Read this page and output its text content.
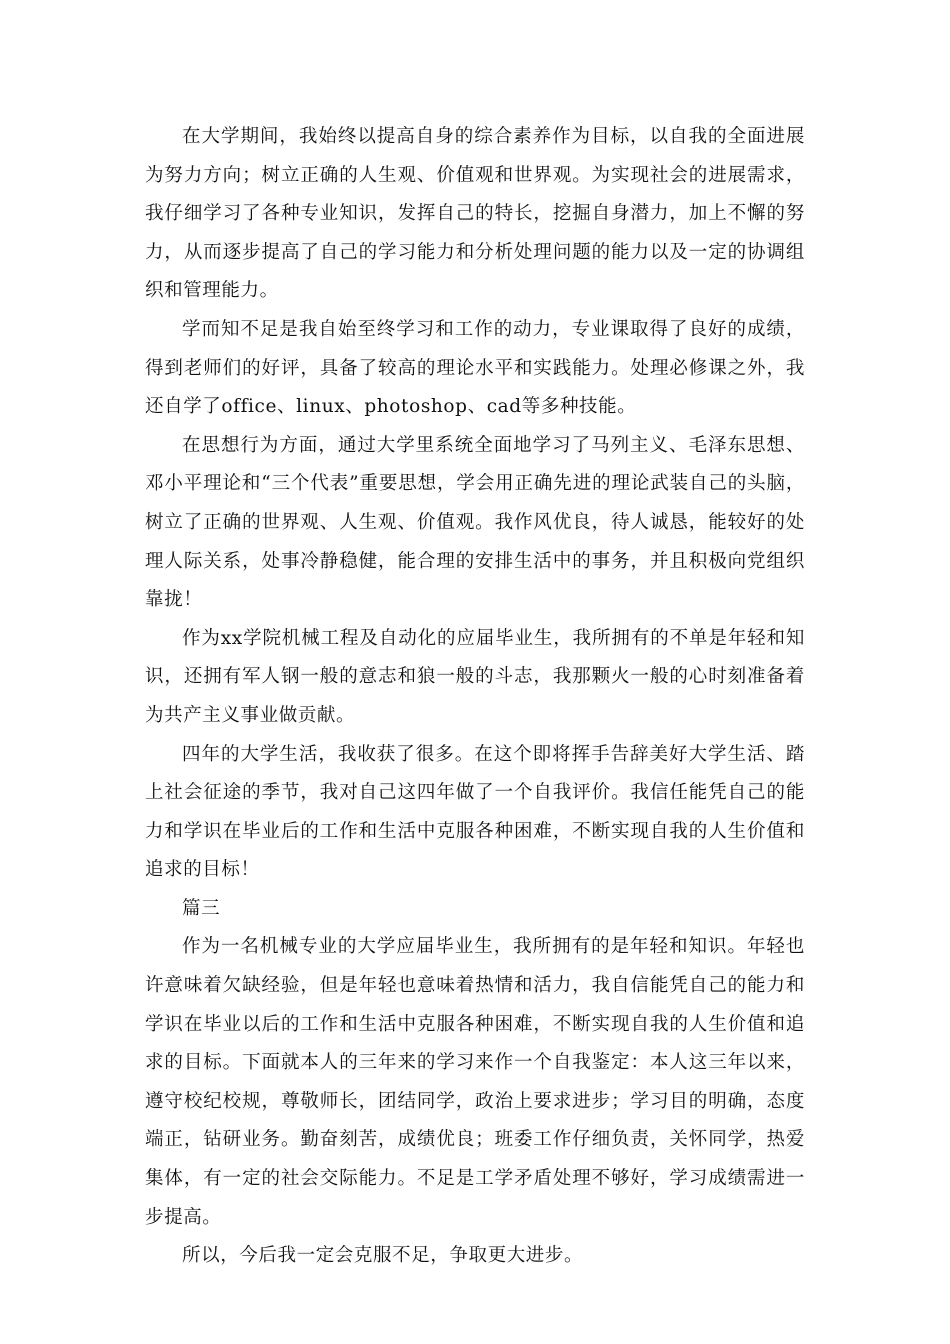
在大学期间，我始终以提高自身的综合素养作为目标，以自我的全面进展为努力方向；树立正确的人生观、价值观和世界观。为实现社会的进展需求，我仔细学习了各种专业知识，发挥自己的特长，挖掘自身潜力，加上不懈的努力，从而逐步提高了自己的学习能力和分析处理问题的能力以及一定的协调组织和管理能力。

学而知不足是我自始至终学习和工作的动力，专业课取得了良好的成绩，得到老师们的好评，具备了较高的理论水平和实践能力。处理必修课之外，我还自学了office、linux、photoshop、cad等多种技能。

在思想行为方面，通过大学里系统全面地学习了马列主义、毛泽东思想、邓小平理论和“三个代表”重要思想，学会用正确先进的理论武装自己的头脑，树立了正确的世界观、人生观、价值观。我作风优良，待人诚恳，能较好的处理人际关系，处事冷静稳健，能合理的安排生活中的事务，并且积极向党组织靠拢！

作为xx学院机械工程及自动化的应届毕业生，我所拥有的不单是年轻和知识，还拥有军人钢一般的意志和狼一般的斗志，我那颗火一般的心时刻准备着为共产主义事业做贡献。

四年的大学生活，我收获了很多。在这个即将挥手告辞美好大学生活、踏上社会征途的季节，我对自己这四年做了一个自我评价。我信任能凭自己的能力和学识在毕业后的工作和生活中克服各种困难，不断实现自我的人生价值和追求的目标！

篇三

作为一名机械专业的大学应届毕业生，我所拥有的是年轻和知识。年轻也许意味着欠缺经验，但是年轻也意味着热情和活力，我自信能凭自己的能力和学识在毕业以后的工作和生活中克服各种困难，不断实现自我的人生价值和追求的目标。下面就本人的三年来的学习来作一个自我鉴定：本人这三年以来，遵守校纪校规，尊敬师长，团结同学，政治上要求进步；学习目的明确，态度端正，钻研业务。勤奋刻苦，成绩优良；班委工作仔细负责，关怀同学，热爱集体，有一定的社会交际能力。不足是工学矛盾处理不够好，学习成绩需进一步提高。

所以，今后我一定会克服不足，争取更大进步。
